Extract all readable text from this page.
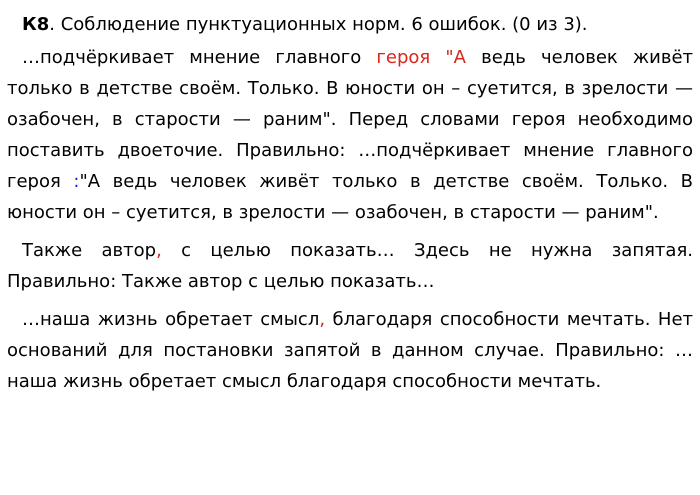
К8. Соблюдение пунктуационных норм. 6 ошибок. (0 из 3).

…подчёркивает мнение главного героя "А ведь человек живёт только в детстве своём. Только. В юности он – суетится, в зрелости — озабочен, в старости — раним". Перед словами героя необходимо поставить двоеточие. Правильно: …подчёркивает мнение главного героя :"А ведь человек живёт только в детстве своём. Только. В юности он – суетится, в зрелости — озабочен, в старости — раним".

Также автор, с целью показать… Здесь не нужна запятая. Правильно: Также автор с целью показать…

…наша жизнь обретает смысл, благодаря способности мечтать. Нет оснований для постановки запятой в данном случае. Правильно: …наша жизнь обретает смысл благодаря способности мечтать.
